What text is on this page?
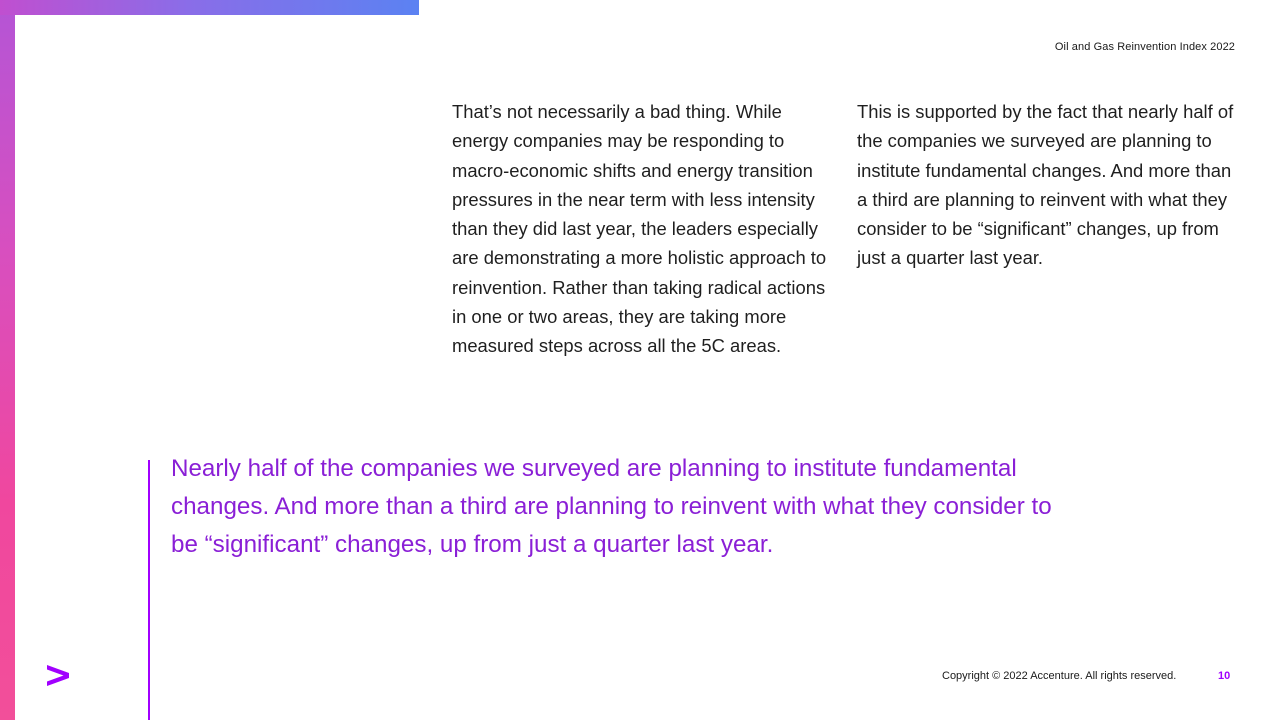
Oil and Gas Reinvention Index 2022

That’s not necessarily a bad thing. While energy companies may be responding to macro-economic shifts and energy transition pressures in the near term with less intensity than they did last year, the leaders especially are demonstrating a more holistic approach to reinvention. Rather than taking radical actions in one or two areas, they are taking more measured steps across all the 5C areas.

This is supported by the fact that nearly half of the companies we surveyed are planning to institute fundamental changes. And more than a third are planning to reinvent with what they consider to be “significant” changes, up from just a quarter last year.

Nearly half of the companies we surveyed are planning to institute fundamental changes. And more than a third are planning to reinvent with what they consider to be “significant” changes, up from just a quarter last year.

Copyright © 2022 Accenture. All rights reserved.	10
